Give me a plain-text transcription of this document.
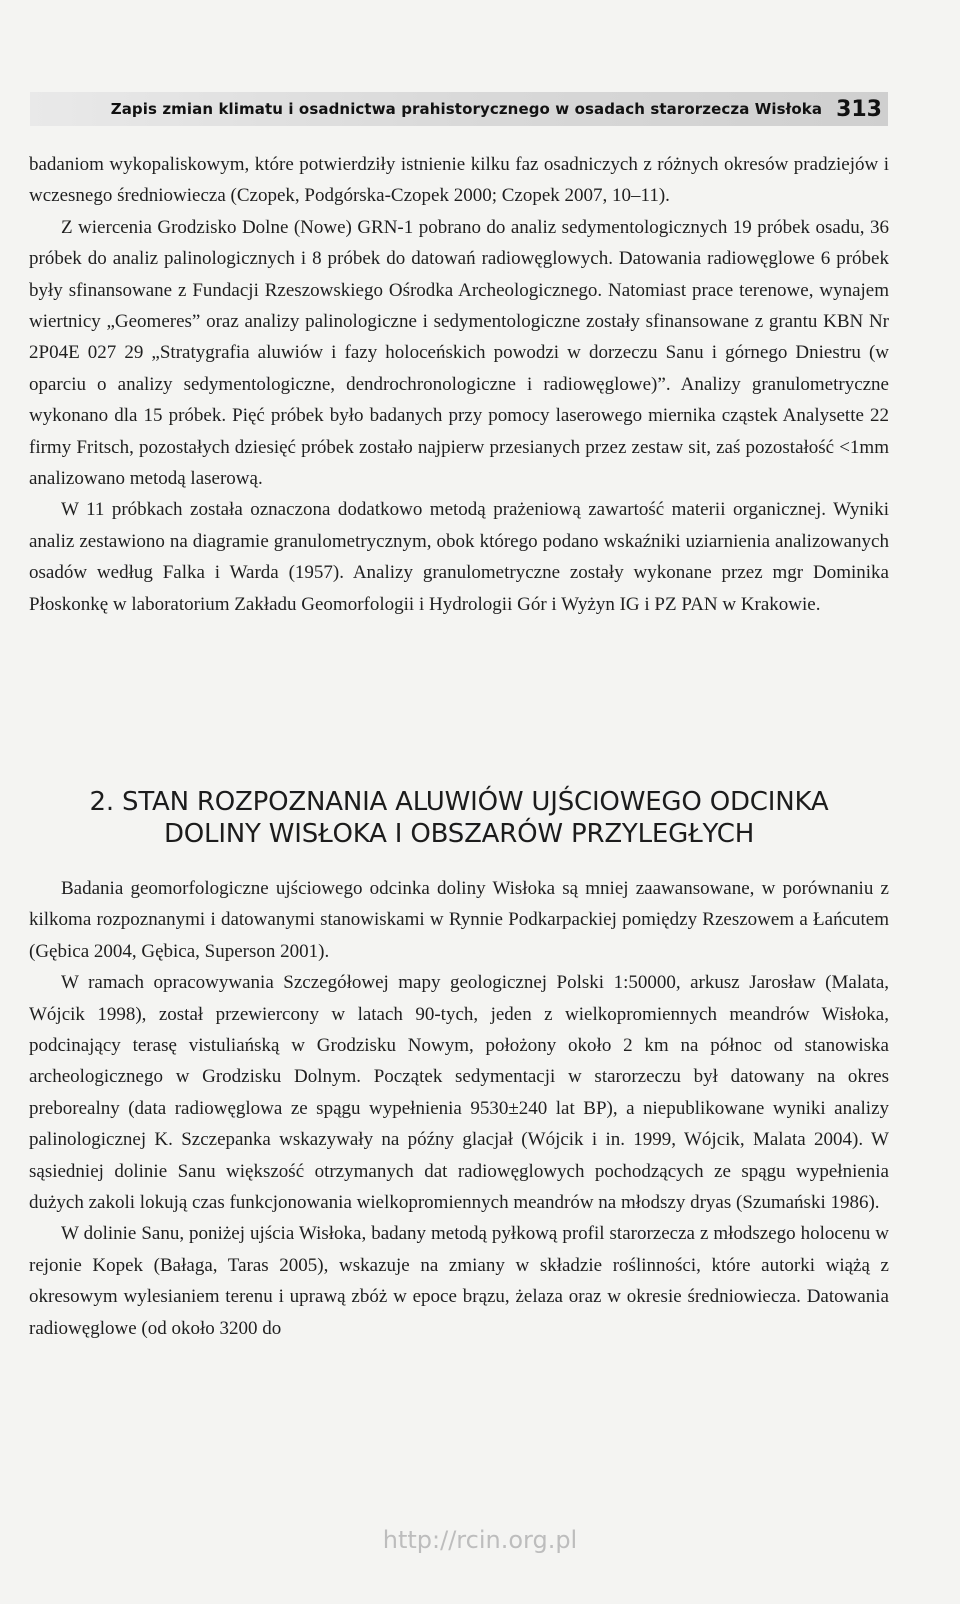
Zapis zmian klimatu i osadnictwa prahistorycznego w osadach starorzecza Wisłoka 313

badaniom wykopaliskowym, które potwierdziły istnienie kilku faz osadniczych z różnych okresów pradziejów i wczesnego średniowiecza (Czopek, Podgórska-Czopek 2000; Czopek 2007, 10–11).

Z wiercenia Grodzisko Dolne (Nowe) GRN-1 pobrano do analiz sedymentologicznych 19 próbek osadu, 36 próbek do analiz palinologicznych i 8 próbek do datowań radiowęglowych. Datowania radiowęglowe 6 próbek były sfinansowane z Fundacji Rzeszowskiego Ośrodka Archeologicznego. Natomiast prace terenowe, wynajem wiertnicy „Geomeres” oraz analizy palinologiczne i sedymentologiczne zostały sfinansowane z grantu KBN Nr 2P04E 027 29 „Stratygrafia aluwiów i fazy holoceńskich powodzi w dorzeczu Sanu i górnego Dniestru (w oparciu o analizy sedymentologiczne, dendrochronologiczne i radiowęglowe)”. Analizy granulometryczne wykonano dla 15 próbek. Pięć próbek było badanych przy pomocy laserowego miernika cząstek Analysette 22 firmy Fritsch, pozostałych dziesięć próbek zostało najpierw przesianych przez zestaw sit, zaś pozostałość <1mm analizowano metodą laserową.

W 11 próbkach została oznaczona dodatkowo metodą prażeniową zawartość materii organicznej. Wyniki analiz zestawiono na diagramie granulometrycznym, obok którego podano wskaźniki uziarnienia analizowanych osadów według Falka i Warda (1957). Analizy granulometryczne zostały wykonane przez mgr Dominika Płoskonkę w laboratorium Zakładu Geomorfologii i Hydrologii Gór i Wyżyn IG i PZ PAN w Krakowie.

2. STAN ROZPOZNANIA ALUWIÓW UJŚCIOWEGO ODCINKA
DOLINY WISŁOKA I OBSZARÓW PRZYLEGŁYCH

Badania geomorfologiczne ujściowego odcinka doliny Wisłoka są mniej zaawansowane, w porównaniu z kilkoma rozpoznanymi i datowanymi stanowiskami w Rynnie Podkarpackiej pomiędzy Rzeszowem a Łańcutem (Gębica 2004, Gębica, Superson 2001).

W ramach opracowywania Szczegółowej mapy geologicznej Polski 1:50000, arkusz Jarosław (Malata, Wójcik 1998), został przewiercony w latach 90-tych, jeden z wielkopromiennych meandrów Wisłoka, podcinający terasę vistuliańską w Grodzisku Nowym, położony około 2 km na północ od stanowiska archeologicznego w Grodzisku Dolnym. Początek sedymentacji w starorzeczu był datowany na okres preborealny (data radiowęglowa ze spągu wypełnienia 9530±240 lat BP), a niepublikowane wyniki analizy palinologicznej K. Szczepanka wskazywały na późny glacjał (Wójcik i in. 1999, Wójcik, Malata 2004). W sąsiedniej dolinie Sanu większość otrzymanych dat radiowęglowych pochodzących ze spągu wypełnienia dużych zakoli lokują czas funkcjonowania wielkopromiennych meandrów na młodszy dryas (Szumański 1986).

W dolinie Sanu, poniżej ujścia Wisłoka, badany metodą pyłkową profil starorzecza z młodszego holocenu w rejonie Kopek (Bałaga, Taras 2005), wskazuje na zmiany w składzie roślinności, które autorki wiążą z okresowym wylesianiem terenu i uprawą zbóż w epoce brązu, żelaza oraz w okresie średniowiecza. Datowania radiowęglowe (od około 3200 do

http://rcin.org.pl
